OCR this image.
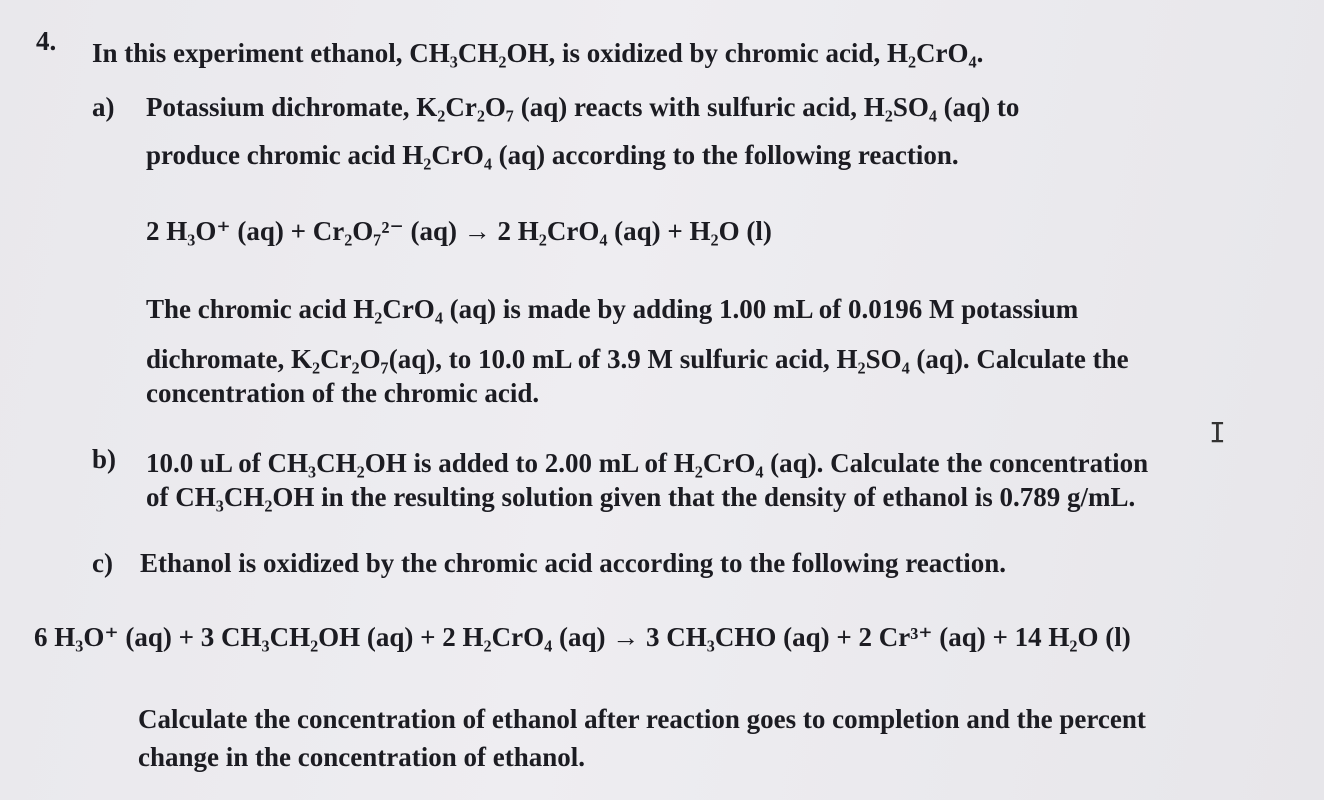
4. In this experiment ethanol, CH₃CH₂OH, is oxidized by chromic acid, H₂CrO₄.
a) Potassium dichromate, K₂Cr₂O₇ (aq) reacts with sulfuric acid, H₂SO₄ (aq) to
produce chromic acid H₂CrO₄ (aq) according to the following reaction.
2 H₃O⁺ (aq) + Cr₂O₇²⁻ (aq) → 2 H₂CrO₄ (aq) + H₂O (l)
The chromic acid H₂CrO₄ (aq) is made by adding 1.00 mL of 0.0196 M potassium
dichromate, K₂Cr₂O₇(aq), to 10.0 mL of 3.9 M sulfuric acid, H₂SO₄ (aq). Calculate the
concentration of the chromic acid.
I
b) 10.0 uL of CH₃CH₂OH is added to 2.00 mL of H₂CrO₄ (aq). Calculate the concentration
of CH₃CH₂OH in the resulting solution given that the density of ethanol is 0.789 g/mL.
c) Ethanol is oxidized by the chromic acid according to the following reaction.
6 H₃O⁺ (aq) + 3 CH₃CH₂OH (aq) + 2 H₂CrO₄ (aq) → 3 CH₃CHO (aq) + 2 Cr³⁺ (aq) + 14 H₂O (l)
Calculate the concentration of ethanol after reaction goes to completion and the percent
change in the concentration of ethanol.
